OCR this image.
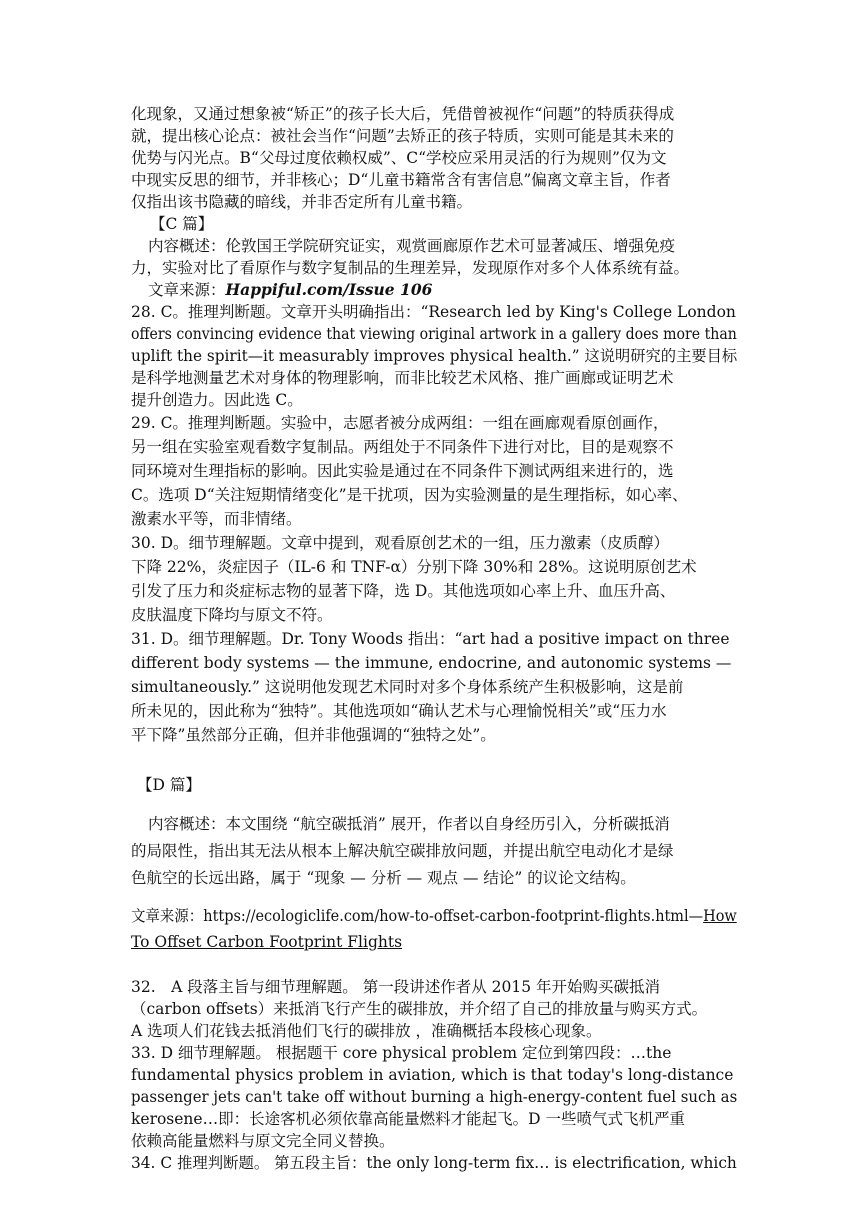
化现象，又通过想象被“矫正”的孩子长大后，凭借曾被视作“问题”的特质获得成
就，提出核心论点：被社会当作“问题”去矫正的孩子特质，实则可能是其未来的
优势与闪光点。B“父母过度依赖权威”、C“学校应采用灵活的行为规则”仅为文
中现实反思的细节，并非核心；D“儿童书籍常含有害信息”偏离文章主旨，作者
仅指出该书隐藏的暗线，并非否定所有儿童书籍。
【C 篇】
内容概述：伦敦国王学院研究证实，观赏画廊原作艺术可显著减压、增强免疫
力，实验对比了看原作与数字复制品的生理差异，发现原作对多个人体系统有益。
文章来源：Happiful.com/Issue 106
28. C。推理判断题。文章开头明确指出：“Research led by King's College London
offers convincing evidence that viewing original artwork in a gallery does more than
uplift the spirit—it measurably improves physical health.” 这说明研究的主要目标
是科学地测量艺术对身体的物理影响，而非比较艺术风格、推广画廊或证明艺术
提升创造力。因此选 C。
29. C。推理判断题。实验中，志愿者被分成两组：一组在画廊观看原创画作，
另一组在实验室观看数字复制品。两组处于不同条件下进行对比，目的是观察不
同环境对生理指标的影响。因此实验是通过在不同条件下测试两组来进行的，选
C。选项 D“关注短期情绪变化”是干扰项，因为实验测量的是生理指标，如心率、
激素水平等，而非情绪。
30. D。细节理解题。文章中提到，观看原创艺术的一组，压力激素（皮质醇）
下降 22%，炎症因子（IL-6 和 TNF-α）分别下降 30%和 28%。这说明原创艺术
引发了压力和炎症标志物的显著下降，选 D。其他选项如心率上升、血压升高、
皮肤温度下降均与原文不符。
31. D。细节理解题。Dr. Tony Woods 指出：“art had a positive impact on three
different body systems — the immune, endocrine, and autonomic systems —
simultaneously.” 这说明他发现艺术同时对多个身体系统产生积极影响，这是前
所未见的，因此称为“独特”。其他选项如“确认艺术与心理愉悦相关”或“压力水
平下降”虽然部分正确，但并非他强调的“独特之处”。
【D 篇】
内容概述：本文围绕 “航空碳抵消” 展开，作者以自身经历引入，分析碳抵消
的局限性，指出其无法从根本上解决航空碳排放问题，并提出航空电动化才是绿
色航空的长远出路，属于 “现象 — 分析 — 观点 — 结论” 的议论文结构。
文章来源：https://ecologiclife.com/how-to-offset-carbon-footprint-flights.html—How
To Offset Carbon Footprint Flights
32.　A 段落主旨与细节理解题。 第一段讲述作者从 2015 年开始购买碳抵消
（carbon offsets）来抵消飞行产生的碳排放，并介绍了自己的排放量与购买方式。
A 选项人们花钱去抵消他们飞行的碳排放 ，准确概括本段核心现象。
33. D 细节理解题。 根据题干 core physical problem 定位到第四段：…the
fundamental physics problem in aviation, which is that today's long-distance
passenger jets can't take off without burning a high-energy-content fuel such as
kerosene…即：长途客机必须依靠高能量燃料才能起飞。D 一些喷气式飞机严重
依赖高能量燃料与原文完全同义替换。
34. C 推理判断题。 第五段主旨：the only long-term fix… is electrification, which
